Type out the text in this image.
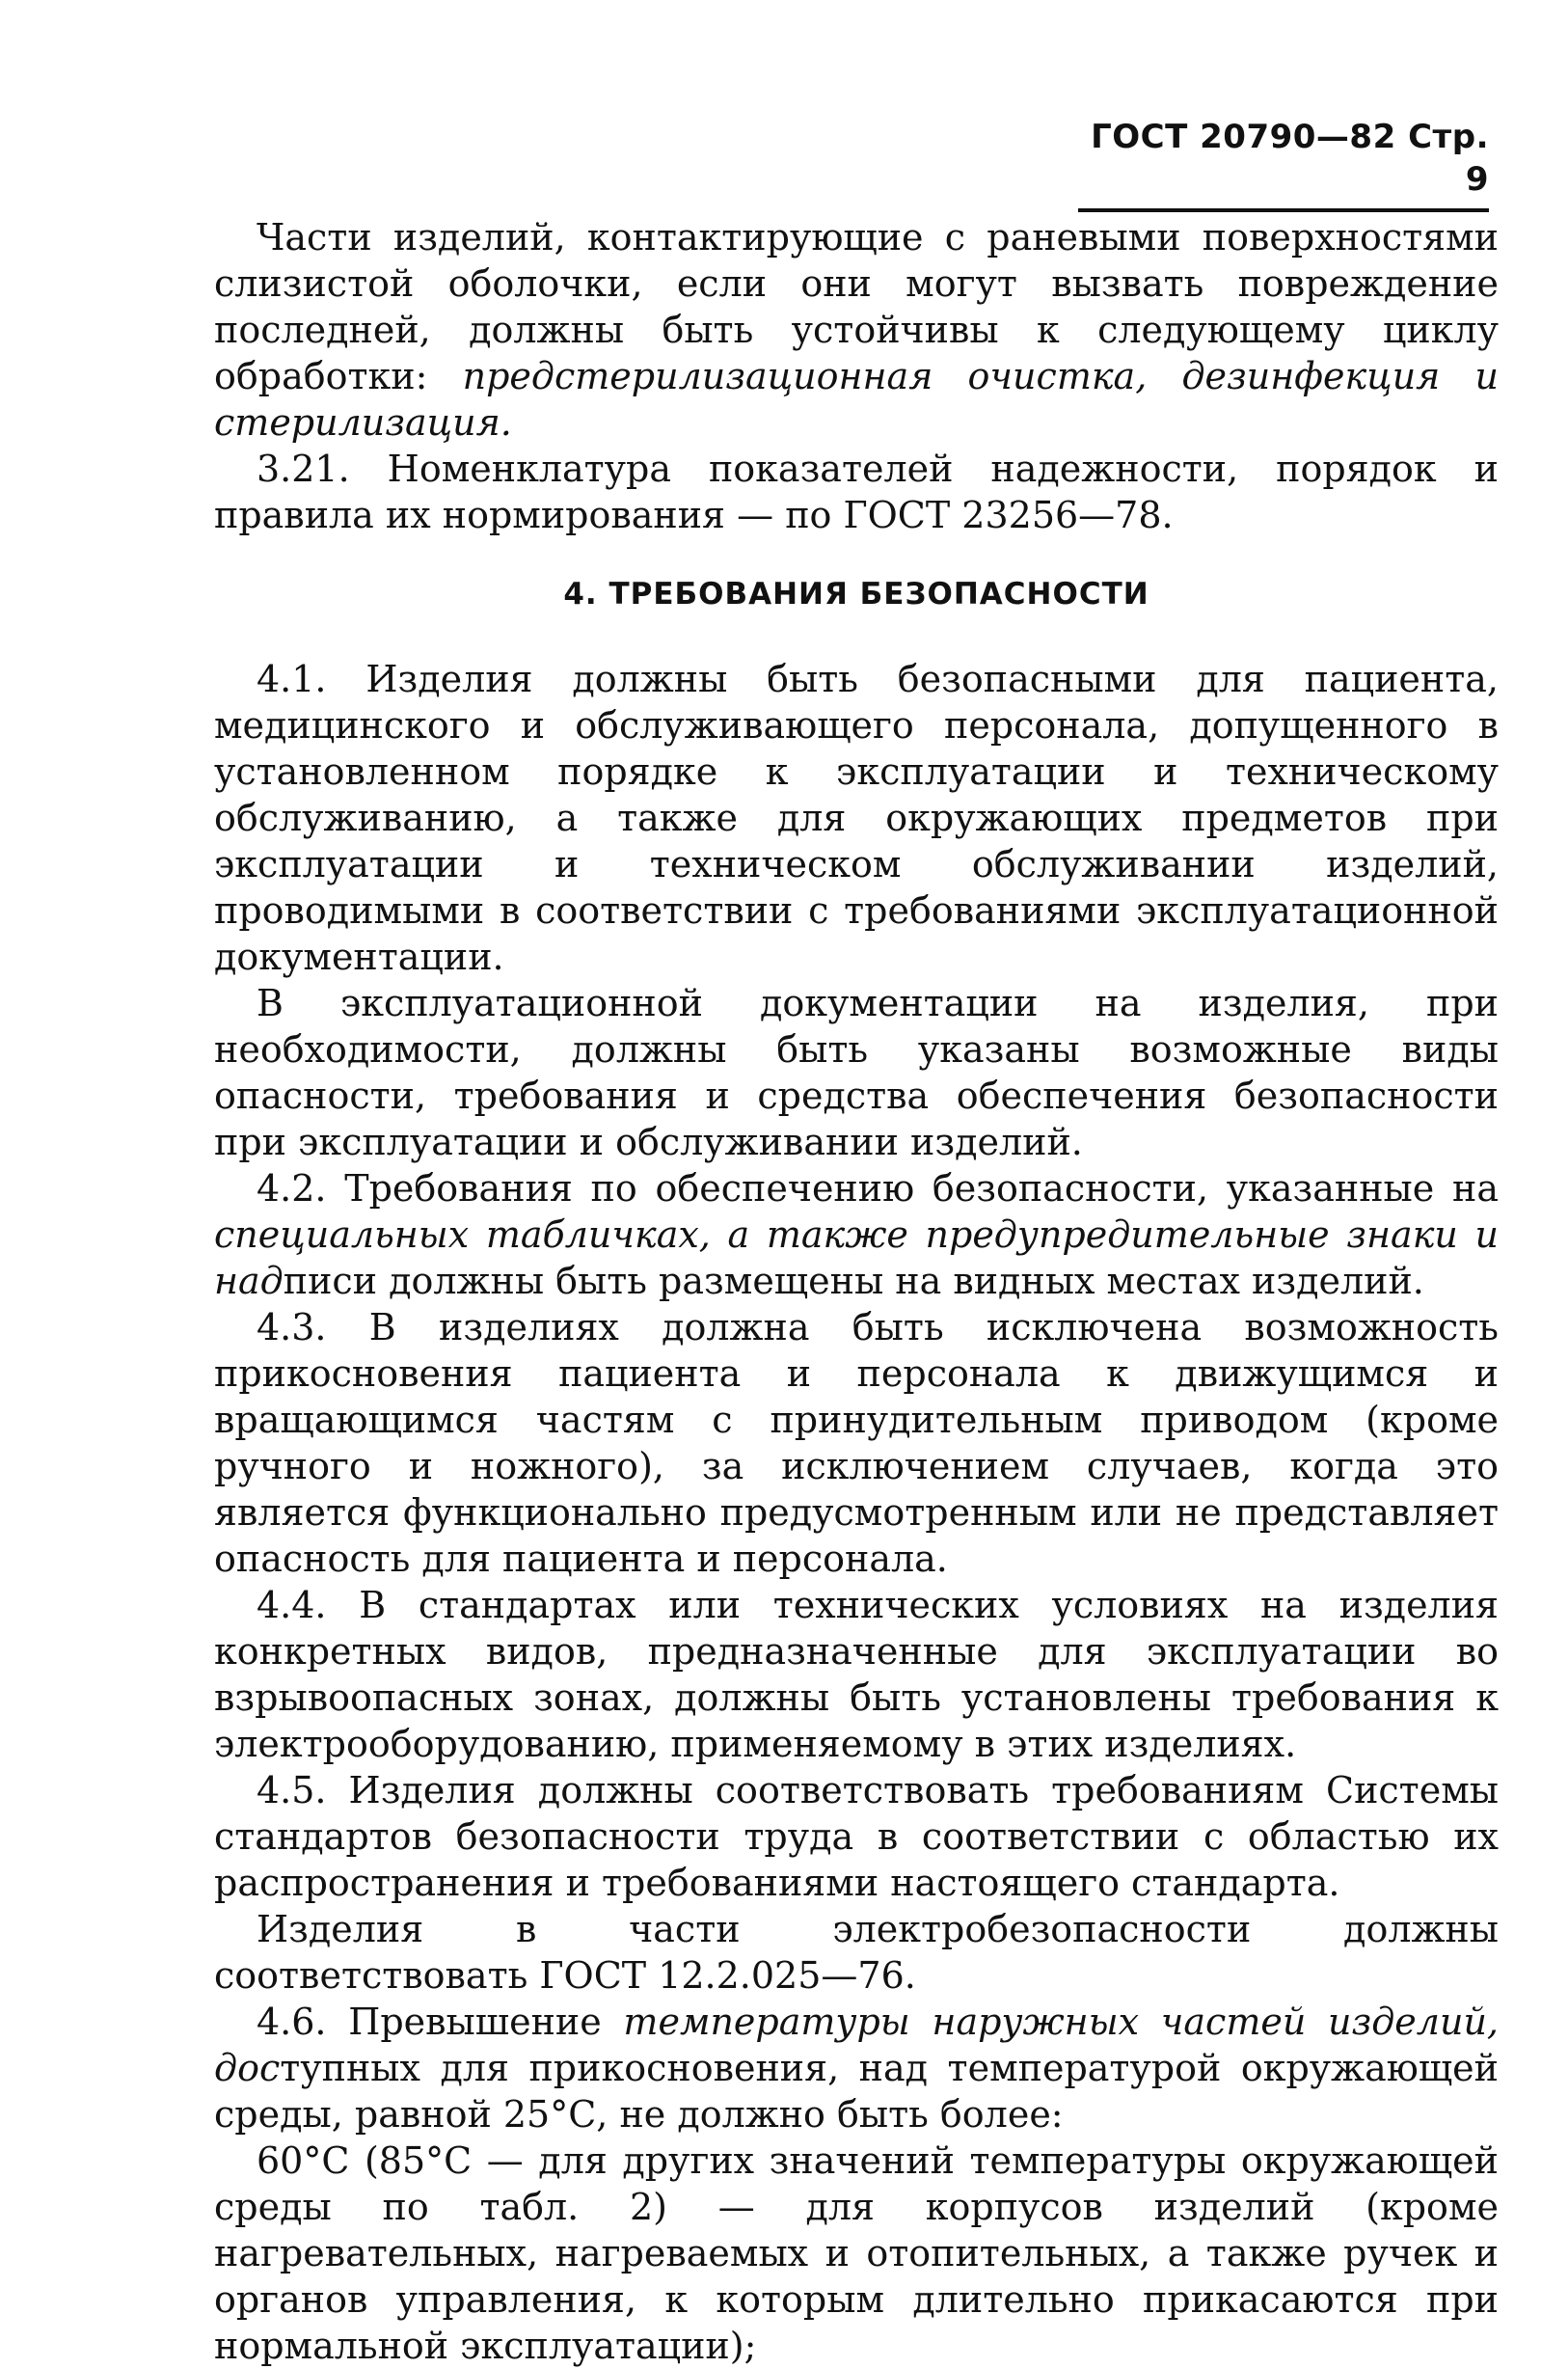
ГОСТ 20790—82 Стр. 9

Части изделий, контактирующие с раневыми поверхностями слизистой оболочки, если они могут вызвать повреждение последней, должны быть устойчивы к следующему циклу обработки: предстерилизационная очистка, дезинфекция и стерилизация.

3.21. Номенклатура показателей надежности, порядок и правила их нормирования — по ГОСТ 23256—78.

4. ТРЕБОВАНИЯ БЕЗОПАСНОСТИ

4.1. Изделия должны быть безопасными для пациента, медицинского и обслуживающего персонала, допущенного в установленном порядке к эксплуатации и техническому обслуживанию, а также для окружающих предметов при эксплуатации и техническом обслуживании изделий, проводимыми в соответствии с требованиями эксплуатационной документации.

В эксплуатационной документации на изделия, при необходимости, должны быть указаны возможные виды опасности, требования и средства обеспечения безопасности при эксплуатации и обслуживании изделий.

4.2. Требования по обеспечению безопасности, указанные на специальных табличках, а также предупредительные знаки и надписи должны быть размещены на видных местах изделий.

4.3. В изделиях должна быть исключена возможность прикосновения пациента и персонала к движущимся и вращающимся частям с принудительным приводом (кроме ручного и ножного), за исключением случаев, когда это является функционально предусмотренным или не представляет опасность для пациента и персонала.

4.4. В стандартах или технических условиях на изделия конкретных видов, предназначенные для эксплуатации во взрывоопасных зонах, должны быть установлены требования к электрооборудованию, применяемому в этих изделиях.

4.5. Изделия должны соответствовать требованиям Системы стандартов безопасности труда в соответствии с областью их распространения и требованиями настоящего стандарта.

Изделия в части электробезопасности должны соответствовать ГОСТ 12.2.025—76.

4.6. Превышение температуры наружных частей изделий, доступных для прикосновения, над температурой окружающей среды, равной 25°С, не должно быть более:

60°С (85°С — для других значений температуры окружающей среды по табл. 2) — для корпусов изделий (кроме нагревательных, нагреваемых и отопительных, а также ручек и органов управления, к которым длительно прикасаются при нормальной эксплуатации);
